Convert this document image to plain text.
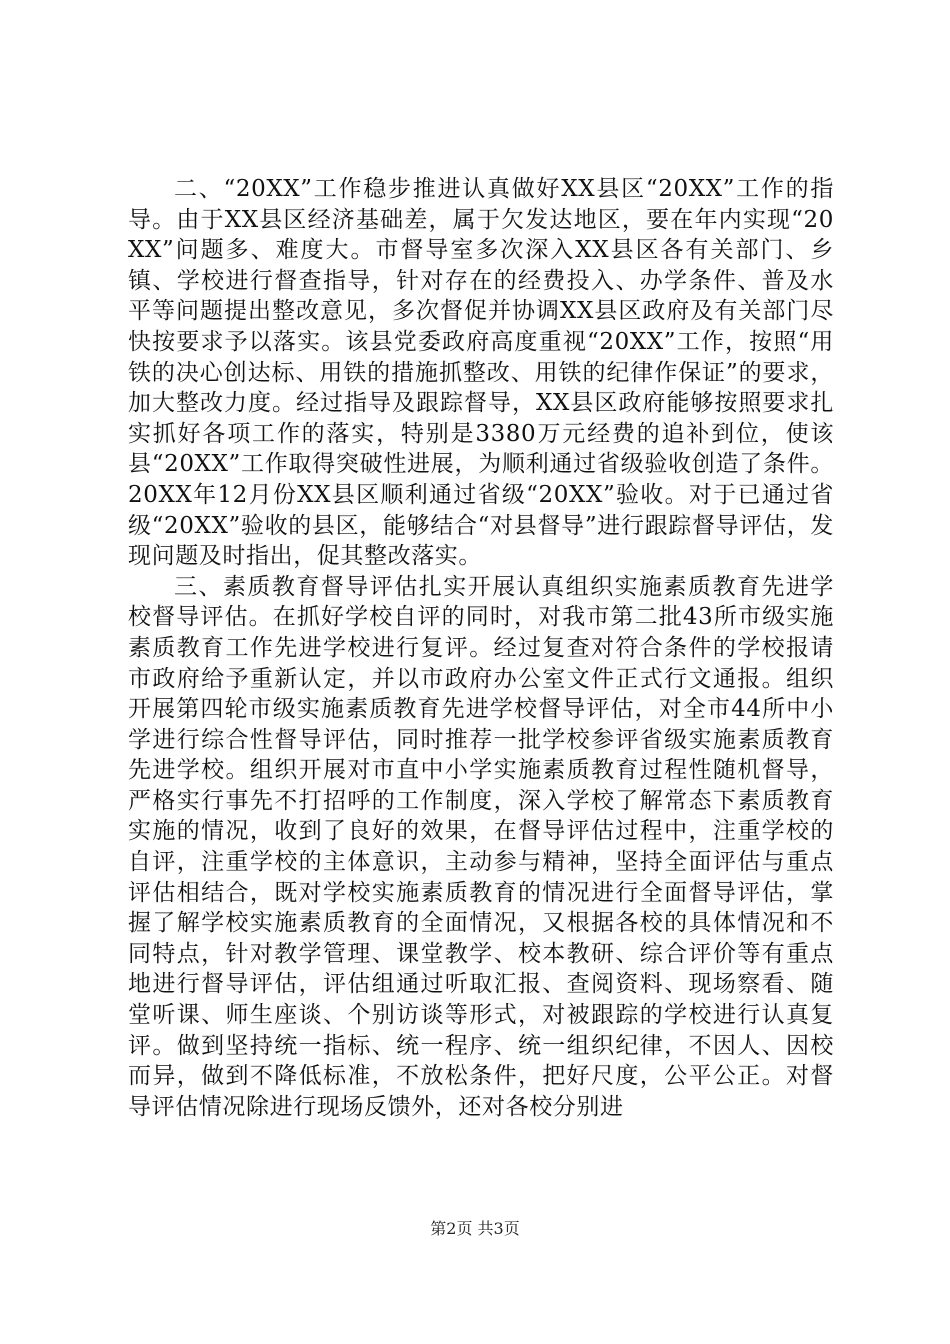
二、“20XX”工作稳步推进认真做好XX县区“20XX”工作的指导。由于XX县区经济基础差，属于欠发达地区，要在年内实现“20XX”问题多、难度大。市督导室多次深入XX县区各有关部门、乡镇、学校进行督查指导，针对存在的经费投入、办学条件、普及水平等问题提出整改意见，多次督促并协调XX县区政府及有关部门尽快按要求予以落实。该县党委政府高度重视“20XX”工作，按照“用铁的决心创达标、用铁的措施抓整改、用铁的纪律作保证”的要求，加大整改力度。经过指导及跟踪督导，XX县区政府能够按照要求扎实抓好各项工作的落实，特别是3380万元经费的追补到位，使该县“20XX”工作取得突破性进展，为顺利通过省级验收创造了条件。20XX年12月份XX县区顺利通过省级“20XX”验收。对于已通过省级“20XX”验收的县区，能够结合“对县督导”进行跟踪督导评估，发现问题及时指出，促其整改落实。

三、素质教育督导评估扎实开展认真组织实施素质教育先进学校督导评估。在抓好学校自评的同时，对我市第二批43所市级实施素质教育工作先进学校进行复评。经过复查对符合条件的学校报请市政府给予重新认定，并以市政府办公室文件正式行文通报。组织开展第四轮市级实施素质教育先进学校督导评估，对全市44所中小学进行综合性督导评估，同时推荐一批学校参评省级实施素质教育先进学校。组织开展对市直中小学实施素质教育过程性随机督导，严格实行事先不打招呼的工作制度，深入学校了解常态下素质教育实施的情况，收到了良好的效果，在督导评估过程中，注重学校的自评，注重学校的主体意识，主动参与精神，坚持全面评估与重点评估相结合，既对学校实施素质教育的情况进行全面督导评估，掌握了解学校实施素质教育的全面情况，又根据各校的具体情况和不同特点，针对教学管理、课堂教学、校本教研、综合评价等有重点地进行督导评估，评估组通过听取汇报、查阅资料、现场察看、随堂听课、师生座谈、个别访谈等形式，对被跟踪的学校进行认真复评。做到坚持统一指标、统一程序、统一组织纪律，不因人、因校而异，做到不降低标准，不放松条件，把好尺度，公平公正。对督导评估情况除进行现场反馈外，还对各校分别进

第2页 共3页
